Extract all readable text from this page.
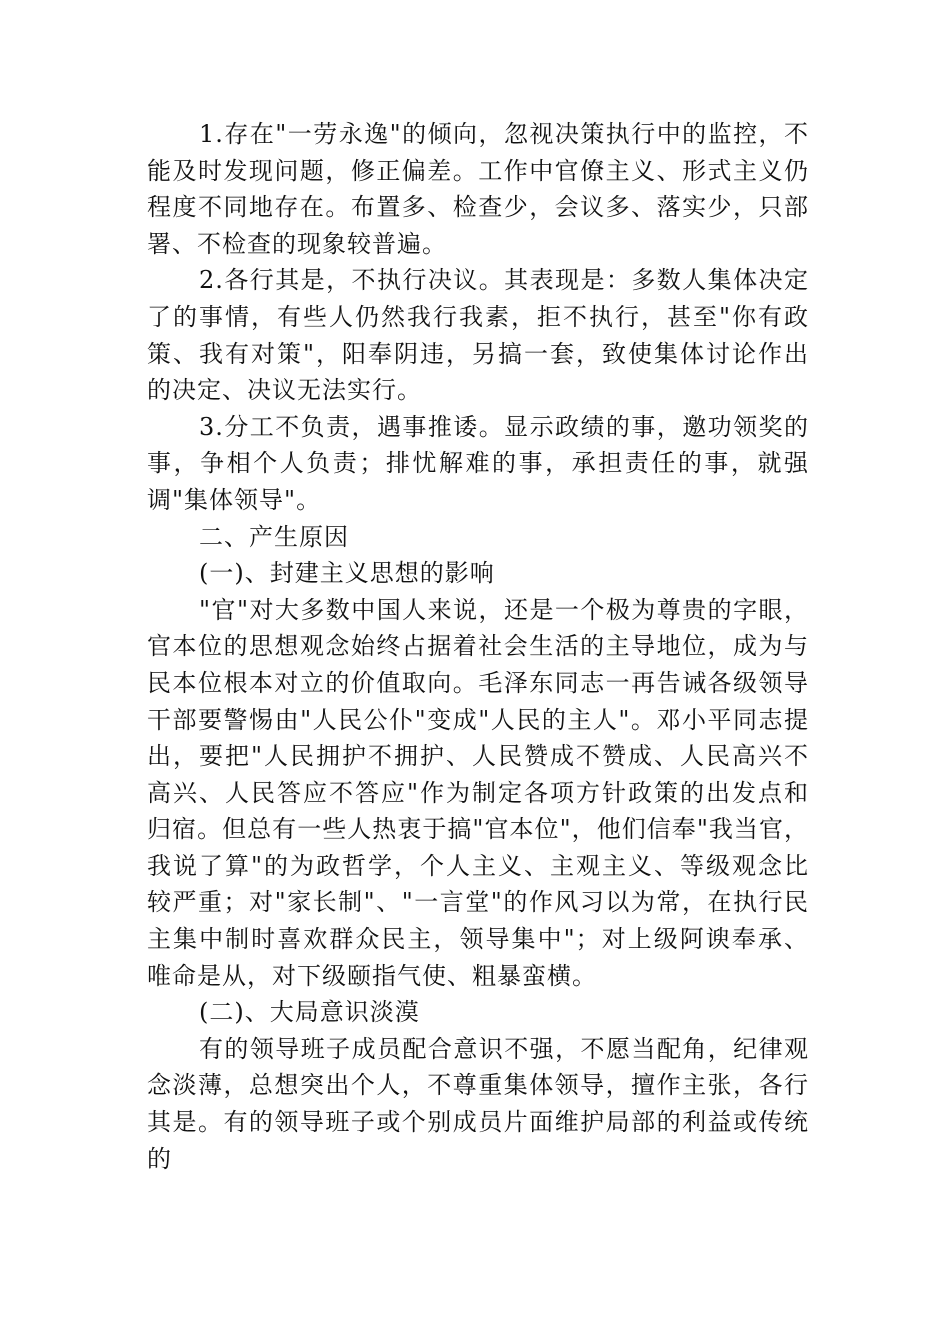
1.存在"一劳永逸"的倾向，忽视决策执行中的监控，不能及时发现问题，修正偏差。工作中官僚主义、形式主义仍程度不同地存在。布置多、检查少，会议多、落实少，只部署、不检查的现象较普遍。

2.各行其是，不执行决议。其表现是：多数人集体决定了的事情，有些人仍然我行我素，拒不执行，甚至"你有政策、我有对策"，阳奉阴违，另搞一套，致使集体讨论作出的决定、决议无法实行。

3.分工不负责，遇事推诿。显示政绩的事，邀功领奖的事，争相个人负责；排忧解难的事，承担责任的事，就强调"集体领导"。

二、产生原因

(一)、封建主义思想的影响

"官"对大多数中国人来说，还是一个极为尊贵的字眼，官本位的思想观念始终占据着社会生活的主导地位，成为与民本位根本对立的价值取向。毛泽东同志一再告诫各级领导干部要警惕由"人民公仆"变成"人民的主人"。邓小平同志提出，要把"人民拥护不拥护、人民赞成不赞成、人民高兴不高兴、人民答应不答应"作为制定各项方针政策的出发点和归宿。但总有一些人热衷于搞"官本位"，他们信奉"我当官，我说了算"的为政哲学，个人主义、主观主义、等级观念比较严重；对"家长制"、"一言堂"的作风习以为常，在执行民主集中制时喜欢群众民主，领导集中"；对上级阿谀奉承、唯命是从，对下级颐指气使、粗暴蛮横。

(二)、大局意识淡漠

有的领导班子成员配合意识不强，不愿当配角，纪律观念淡薄，总想突出个人，不尊重集体领导，擅作主张，各行其是。有的领导班子或个别成员片面维护局部的利益或传统的
